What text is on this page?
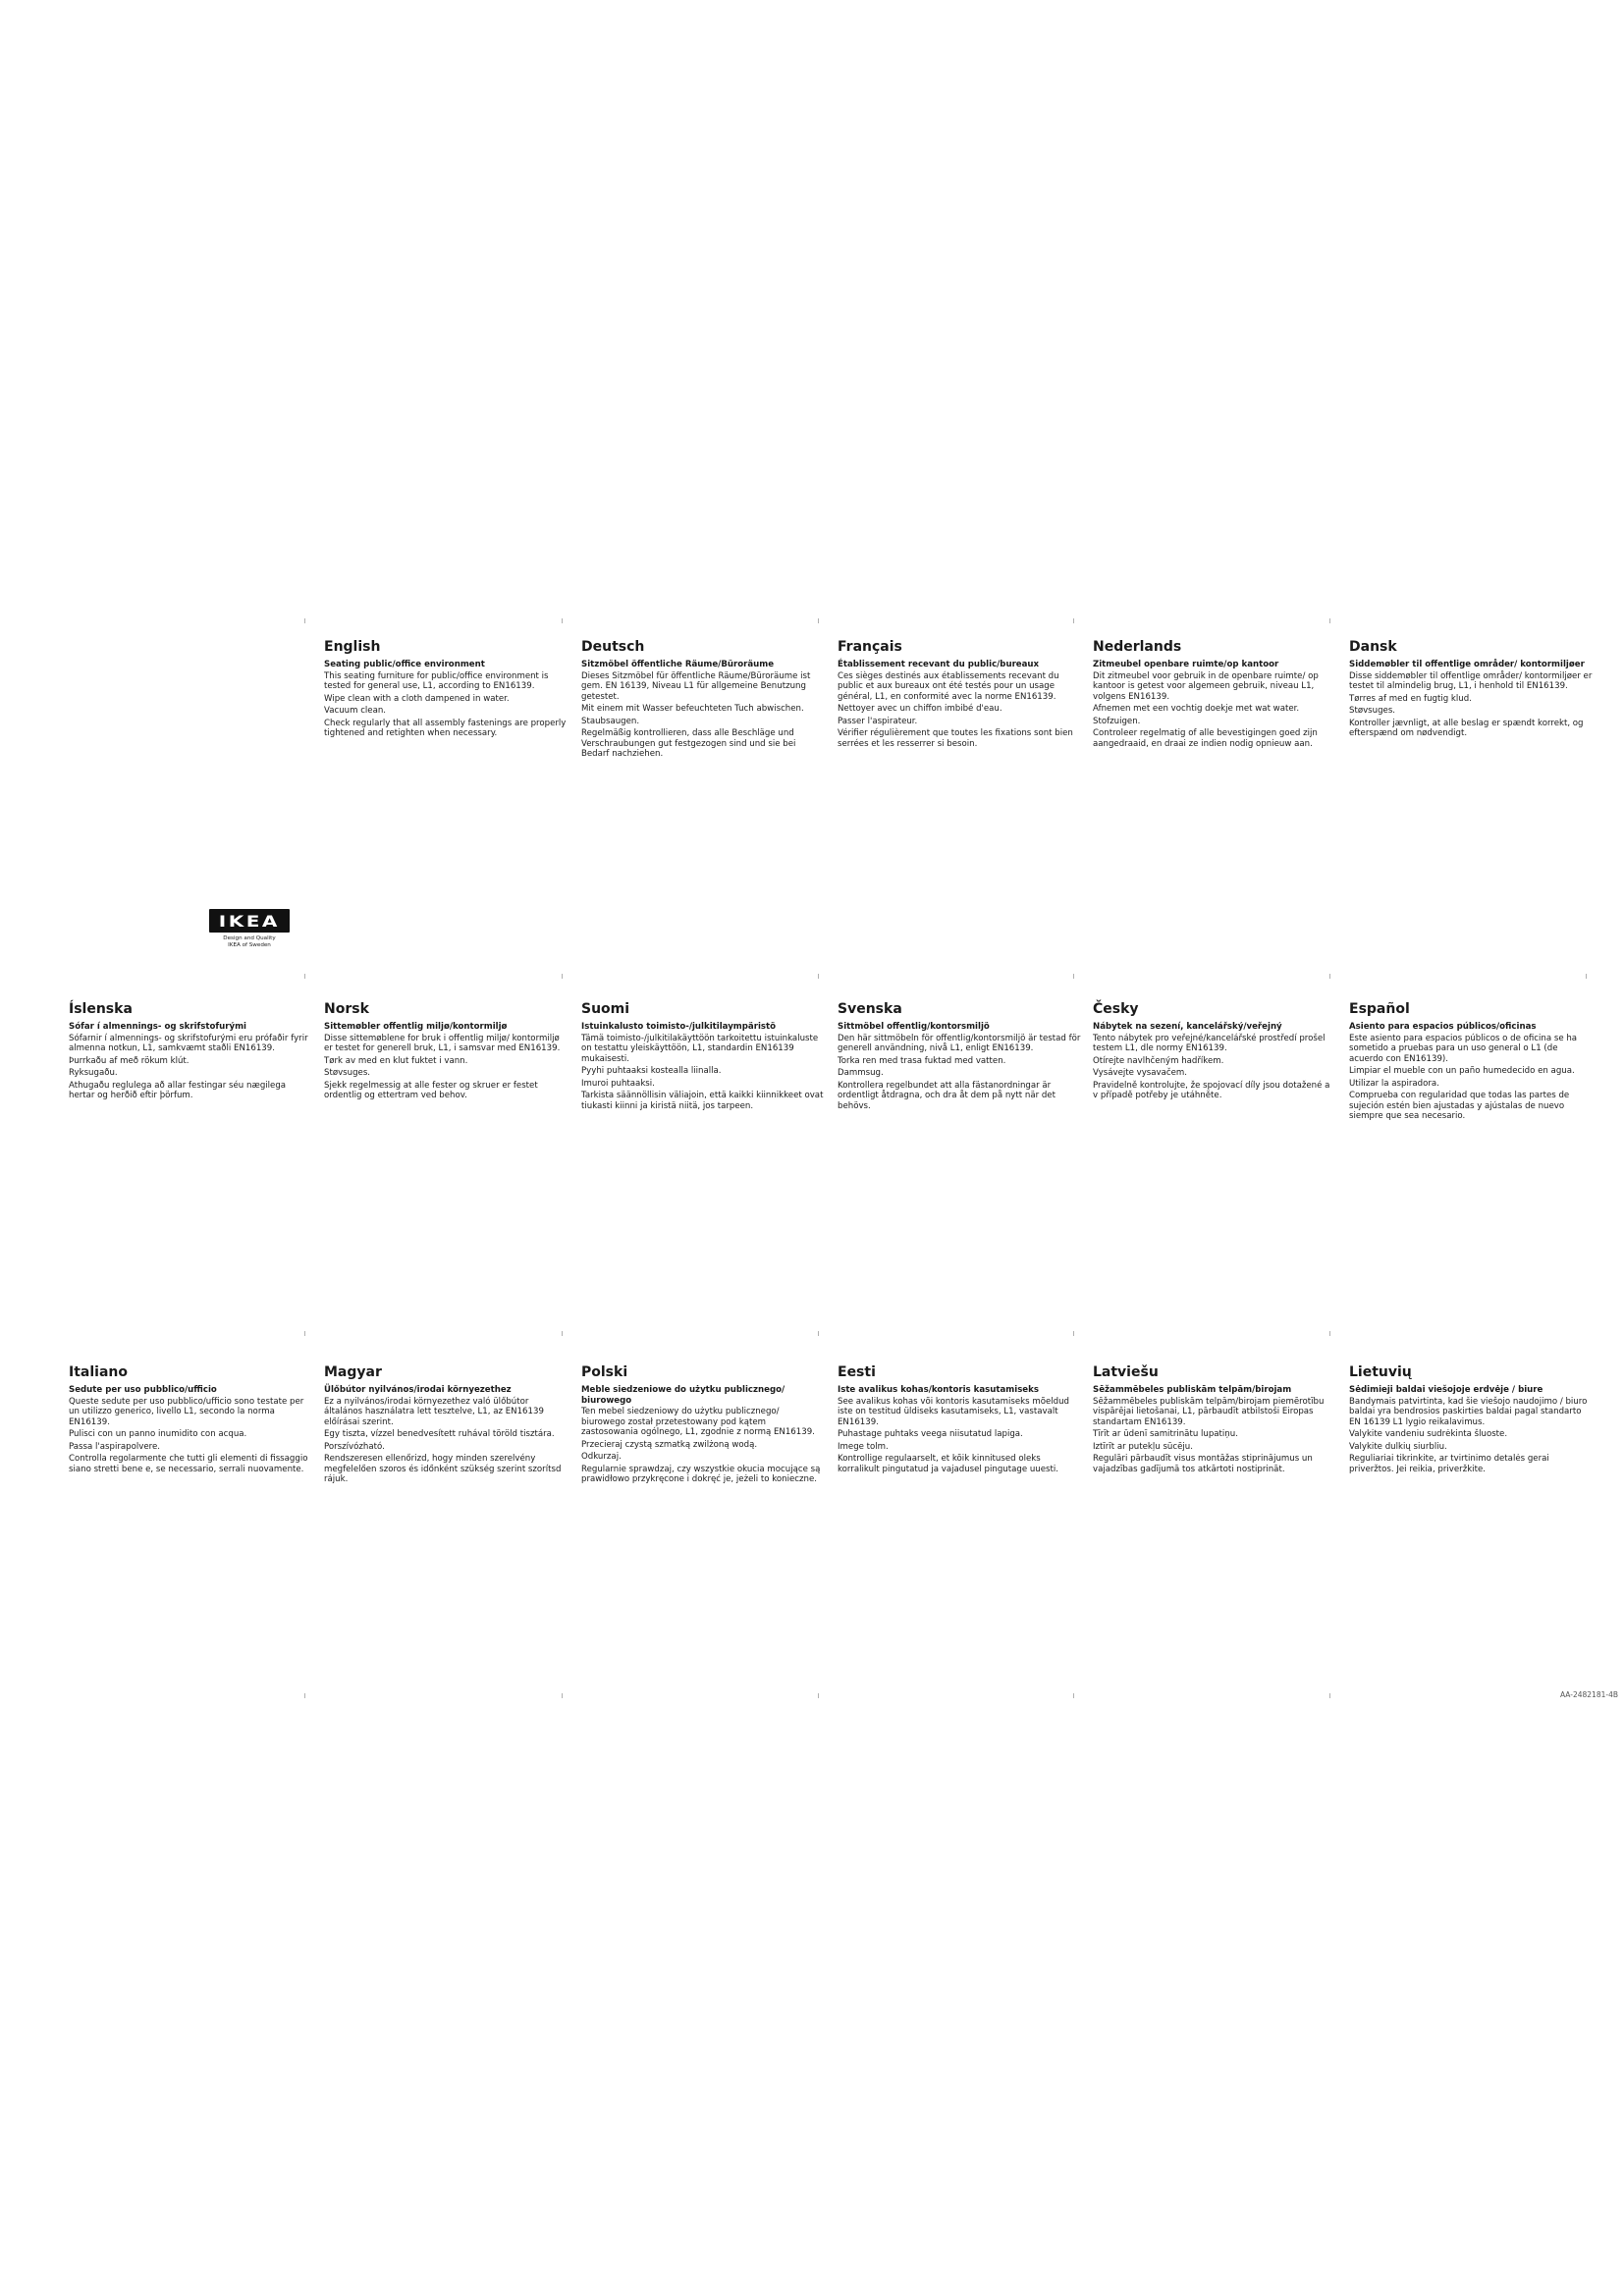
English
Seating public/office environment
This seating furniture for public/office environment is tested for general use, L1, according to EN16139.
Wipe clean with a cloth dampened in water.
Vacuum clean.
Check regularly that all assembly fastenings are properly tightened and retighten when necessary.
Deutsch
Sitzmöbel öffentliche Räume/Büroräume
Dieses Sitzmöbel für öffentliche Räume/Büroräume ist gem. EN 16139, Niveau L1 für allgemeine Benutzung getestet.
Mit einem mit Wasser befeuchteten Tuch abwischen.
Staubsaugen.
Regelmäßig kontrollieren, dass alle Beschläge und Verschraubungen gut festgezogen sind und sie bei Bedarf nachziehen.
Français
Établissement recevant du public/bureaux
Ces sièges destinés aux établissements recevant du public et aux bureaux ont été testés pour un usage général, L1, en conformité avec la norme EN16139.
Nettoyer avec un chiffon imbibé d'eau.
Passer l'aspirateur.
Vérifier régulièrement que toutes les fixations sont bien serrées et les resserrer si besoin.
Nederlands
Zitmeubel openbare ruimte/op kantoor
Dit zitmeubel voor gebruik in de openbare ruimte/ op kantoor is getest voor algemeen gebruik, niveau L1, volgens EN16139.
Afnemen met een vochtig doekje met wat water.
Stofzuigen.
Controleer regelmatig of alle bevestigingen goed zijn aangedraaid, en draai ze indien nodig opnieuw aan.
Dansk
Siddemøbler til offentlige områder/ kontormiljøer
Disse siddemøbler til offentlige områder/ kontormiljøer er testet til almindelig brug, L1, i henhold til EN16139.
Tørres af med en fugtig klud.
Støvsuges.
Kontroller jævnligt, at alle beslag er spændt korrekt, og efterspænd om nødvendigt.
IKEA
Design and Quality
IKEA of Sweden
Íslenska
Sófar í almennings- og skrifstofurými
Sófarnir í almennings- og skrifstofurými eru prófaðir fyrir almenna notkun, L1, samkvæmt staðli EN16139.
Þurrkaðu af með rökum klút.
Ryksugaðu.
Athugaðu reglulega að allar festingar séu nægilega hertar og herðið eftir þörfum.
Norsk
Sittemøbler offentlig miljø/kontormiljø
Disse sittemøblene for bruk i offentlig miljø/ kontormiljø er testet for generell bruk, L1, i samsvar med EN16139.
Tørk av med en klut fuktet i vann.
Støvsuges.
Sjekk regelmessig at alle fester og skruer er festet ordentlig og ettertram ved behov.
Suomi
Istuinkalusto toimisto-/julkitilaympäristö
Tämä toimisto-/julkitilakäyttöön tarkoitettu istuinkaluste on testattu yleiskäyttöön, L1, standardin EN16139 mukaisesti.
Pyyhi puhtaaksi kostealla liinalla.
Imuroi puhtaaksi.
Tarkista säännöllisin väliajoin, että kaikki kiinnikkeet ovat tiukasti kiinni ja kiristä niitä, jos tarpeen.
Svenska
Sittmöbel offentlig/kontorsmiljö
Den här sittmöbeln för offentlig/kontorsmiljö är testad för generell användning, nivå L1, enligt EN16139.
Torka ren med trasa fuktad med vatten.
Dammsug.
Kontrollera regelbundet att alla fästanordningar är ordentligt åtdragna, och dra åt dem på nytt när det behövs.
Česky
Nábytek na sezení, kancelářský/veřejný
Tento nábytek pro veřejné/kancelářské prostředí prošel testem L1, dle normy EN16139.
Otírejte navlhčeným hadříkem.
Vysávejte vysavačem.
Pravidelně kontrolujte, že spojovací díly jsou dotažené a v případě potřeby je utáhněte.
Español
Asiento para espacios públicos/oficinas
Este asiento para espacios públicos o de oficina se ha sometido a pruebas para un uso general o L1 (de acuerdo con EN16139).
Limpiar el mueble con un paño humedecido en agua.
Utilizar la aspiradora.
Comprueba con regularidad que todas las partes de sujeción estén bien ajustadas y ajústalas de nuevo siempre que sea necesario.
Italiano
Sedute per uso pubblico/ufficio
Queste sedute per uso pubblico/ufficio sono testate per un utilizzo generico, livello L1, secondo la norma EN16139.
Pulisci con un panno inumidito con acqua.
Passa l'aspirapolvere.
Controlla regolarmente che tutti gli elementi di fissaggio siano stretti bene e, se necessario, serrali nuovamente.
Magyar
Ülőbútor nyilvános/irodai környezethez
Ez a nyilvános/irodai környezethez való ülőbútor általános használatra lett tesztelve, L1, az EN16139 előírásai szerint.
Egy tiszta, vízzel benedvesített ruhával töröld tisztára.
Porszívózható.
Rendszeresen ellenőrizd, hogy minden szerelvény megfelelően szoros és időnként szükség szerint szorítsd rájuk.
Polski
Meble siedzeniowe do użytku publicznego/ biurowego
Ten mebel siedzeniowy do użytku publicznego/ biurowego został przetestowany pod kątem zastosowania ogólnego, L1, zgodnie z normą EN16139.
Przecieraj czystą szmatką zwilżoną wodą.
Odkurzaj.
Regularnie sprawdzaj, czy wszystkie okucia mocujące są prawidłowo przykręcone i dokręć je, jeżeli to konieczne.
Eesti
Iste avalikus kohas/kontoris kasutamiseks
See avalikus kohas või kontoris kasutamiseks mõeldud iste on testitud üldiseks kasutamiseks, L1, vastavalt EN16139.
Puhastage puhtaks veega niisutatud lapiga.
Imege tolm.
Kontrollige regulaarselt, et kõik kinnitused oleks korralikult pingutatud ja vajadusel pingutage uuesti.
Latviešu
Sēžammēbeles publiskām telpām/birojam
Sēžammēbeles publiskām telpām/birojam piemērotību vispārējai lietošanai, L1, pārbaudīt atbilstoši Eiropas standartam EN16139.
Tīrīt ar ūdenī samitrinātu lupatiņu.
Iztīrīt ar putekļu sūcēju.
Regulāri pārbaudīt visus montāžas stiprinājumus un vajadzības gadījumā tos atkārtoti nostiprināt.
Lietuvių
Sėdimieji baldai viešojoje erdvėje / biure
Bandymais patvirtinta, kad šie viešojo naudojimo / biuro baldai yra bendrosios paskirties baldai pagal standarto EN 16139 L1 lygio reikalavimus.
Valykite vandeniu sudrėkinta šluoste.
Valykite dulkių siurbliu.
Reguliariai tikrinkite, ar tvirtinimo detalės gerai priveržtos. Jei reikia, priveržkite.
AA-2482181-4B
